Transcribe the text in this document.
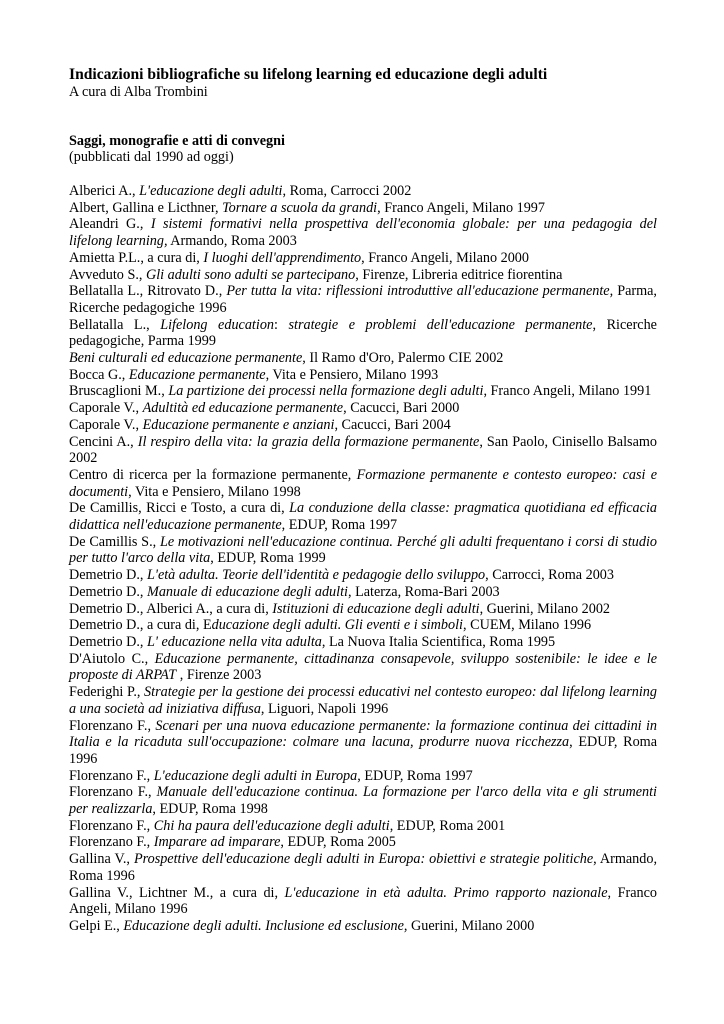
Indicazioni bibliografiche su lifelong learning ed educazione degli adulti
A cura di Alba Trombini
Saggi, monografie e atti di convegni
(pubblicati dal 1990 ad oggi)
Alberici A., L'educazione degli adulti, Roma, Carrocci 2002
Albert, Gallina e Licthner, Tornare a scuola da grandi, Franco Angeli, Milano 1997
Aleandri G., I sistemi formativi nella prospettiva dell'economia globale: per una pedagogia del lifelong learning, Armando, Roma 2003
Amietta P.L., a cura di, I luoghi dell'apprendimento, Franco Angeli, Milano 2000
Avveduto S., Gli adulti sono adulti se partecipano, Firenze, Libreria editrice fiorentina
Bellatalla L., Ritrovato D., Per tutta la vita: riflessioni introduttive all'educazione permanente, Parma, Ricerche pedagogiche 1996
Bellatalla L., Lifelong education: strategie e problemi dell'educazione permanente, Ricerche pedagogiche, Parma 1999
Beni culturali ed educazione permanente, Il Ramo d'Oro, Palermo CIE 2002
Bocca G., Educazione permanente, Vita e Pensiero, Milano 1993
Bruscaglioni M., La partizione dei processi nella formazione degli adulti, Franco Angeli, Milano 1991
Caporale V., Adultità ed educazione permanente, Cacucci, Bari 2000
Caporale V., Educazione permanente e anziani, Cacucci, Bari 2004
Cencini A., Il respiro della vita: la grazia della formazione permanente, San Paolo, Cinisello Balsamo 2002
Centro di ricerca per la formazione permanente, Formazione permanente e contesto europeo: casi e documenti, Vita e Pensiero, Milano 1998
De Camillis, Ricci e Tosto, a cura di, La conduzione della classe: pragmatica quotidiana ed efficacia didattica nell'educazione permanente, EDUP, Roma 1997
De Camillis S., Le motivazioni nell'educazione continua. Perché gli adulti frequentano i corsi di studio per tutto l'arco della vita, EDUP, Roma 1999
Demetrio D., L'età adulta. Teorie dell'identità e pedagogie dello sviluppo, Carrocci, Roma 2003
Demetrio D., Manuale di educazione degli adulti, Laterza, Roma-Bari 2003
Demetrio D., Alberici A., a cura di, Istituzioni di educazione degli adulti, Guerini, Milano 2002
Demetrio D., a cura di, Educazione degli adulti. Gli eventi e i simboli, CUEM, Milano 1996
Demetrio D., L' educazione nella vita adulta, La Nuova Italia Scientifica, Roma 1995
D'Aiutolo C., Educazione permanente, cittadinanza consapevole, sviluppo sostenibile: le idee e le proposte di ARPAT , Firenze 2003
Federighi P., Strategie per la gestione dei processi educativi nel contesto europeo: dal lifelong learning a una società ad iniziativa diffusa, Liguori, Napoli 1996
Florenzano F., Scenari per una nuova educazione permanente: la formazione continua dei cittadini in Italia e la ricaduta sull'occupazione: colmare una lacuna, produrre nuova ricchezza, EDUP, Roma 1996
Florenzano F., L'educazione degli adulti in Europa, EDUP, Roma 1997
Florenzano F., Manuale dell'educazione continua. La formazione per l'arco della vita e gli strumenti per realizzarla, EDUP, Roma 1998
Florenzano F., Chi ha paura dell'educazione degli adulti, EDUP, Roma 2001
Florenzano F., Imparare ad imparare, EDUP, Roma 2005
Gallina V., Prospettive dell'educazione degli adulti in Europa: obiettivi e strategie politiche, Armando, Roma 1996
Gallina V., Lichtner M., a cura di, L'educazione in età adulta. Primo rapporto nazionale, Franco Angeli, Milano 1996
Gelpi E., Educazione degli adulti. Inclusione ed esclusione, Guerini, Milano 2000
